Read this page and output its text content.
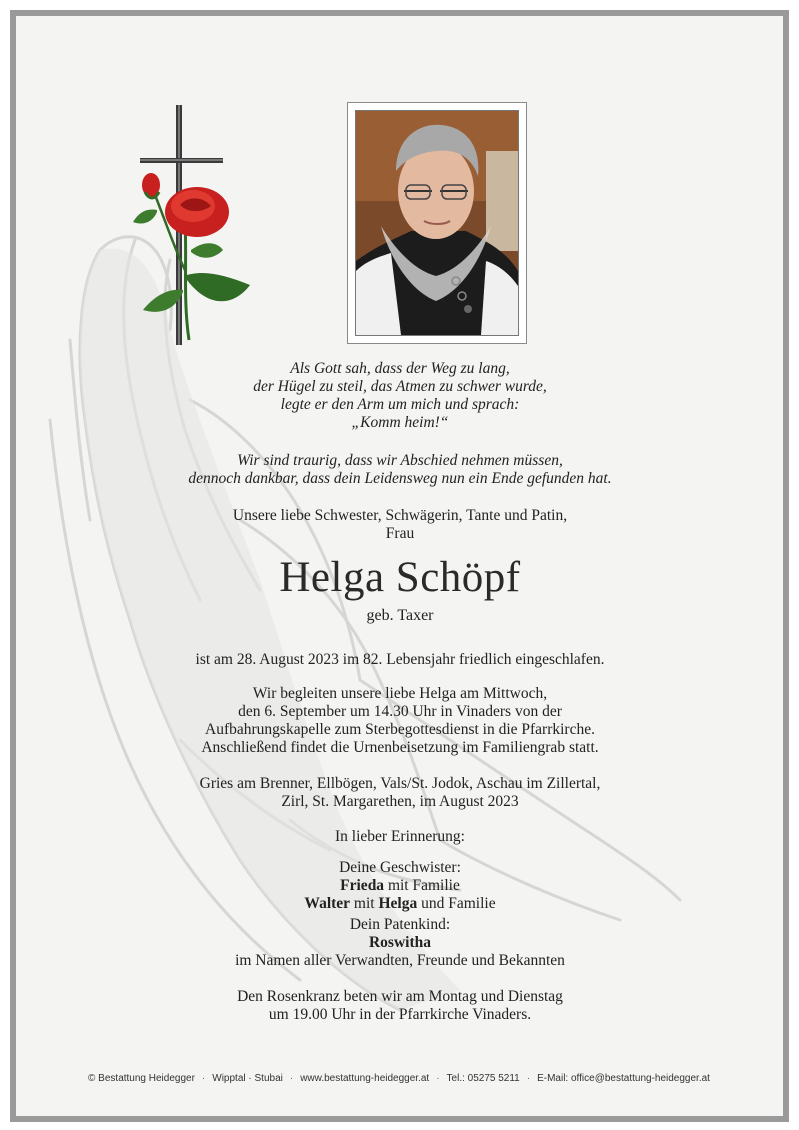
Als Gott sah, dass der Weg zu lang,
der Hügel zu steil, das Atmen zu schwer wurde,
legte er den Arm um mich und sprach:
„Komm heim!“
Wir sind traurig, dass wir Abschied nehmen müssen,
dennoch dankbar, dass dein Leidensweg nun ein Ende gefunden hat.
Unsere liebe Schwester, Schwägerin, Tante und Patin,
Frau
Helga Schöpf
geb. Taxer
ist am 28. August 2023 im 82. Lebensjahr friedlich eingeschlafen.
Wir begleiten unsere liebe Helga am Mittwoch,
den 6. September um 14.30 Uhr in Vinaders von der
Aufbahrungskapelle zum Sterbegottesdienst in die Pfarrkirche.
Anschließend findet die Urnenbeisetzung im Familiengrab statt.
Gries am Brenner, Ellbögen, Vals/St. Jodok, Aschau im Zillertal,
Zirl, St. Margarethen, im August 2023
In lieber Erinnerung:
Deine Geschwister:
Frieda mit Familie
Walter mit Helga und Familie
Dein Patenkind:
Roswitha
im Namen aller Verwandten, Freunde und Bekannten
Den Rosenkranz beten wir am Montag und Dienstag
um 19.00 Uhr in der Pfarrkirche Vinaders.
© Bestattung Heidegger · Wipptal · Stubai · www.bestattung-heidegger.at · Tel.: 05275 5211 · E-Mail: office@bestattung-heidegger.at
